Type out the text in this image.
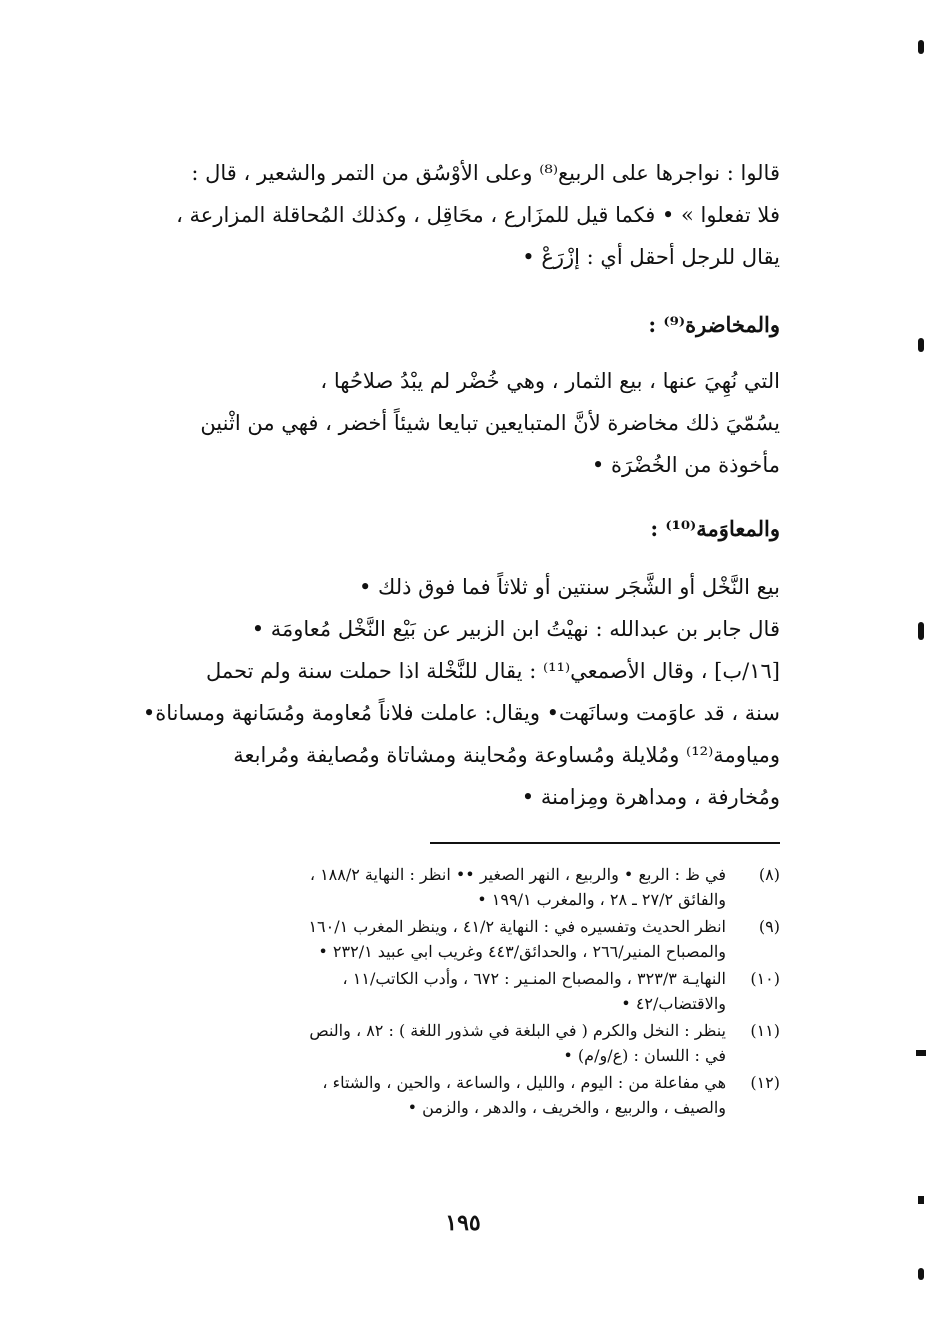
قالوا : نواجرها على الربيع⁽⁸⁾ وعلى الأوْسُق من التمر والشعير ، قال :
فلا تفعلوا » • فكما قيل للمزَارع ، محَاقِل ، وكذلك المُحاقلة المزارعة ،
يقال للرجل أحقل أي : إزْرَعْ •
والمخاضرة⁽⁹⁾ :
التي نُهِيَ عنها ، بيع الثمار ، وهي خُضْر لم يبْدُ صلاحُها ،
يسُمّيَ ذلك مخاضرة لأنَّ المتبايعين تبايعا شيئاً أخضر ، فهي من اثْنين
مأخوذة من الخُضْرَة •
والمعاوَمة⁽¹⁰⁾ :
بيع النَّخْل أو الشَّجَر سنتين أو ثلاثاً فما فوق ذلك •
قال جابر بن عبدالله : نهيْتُ ابن الزبير عن بَيْع النَّخْل مُعاومَة •
[١٦/ب] ، وقال الأصمعي⁽¹¹⁾ : يقال للنَّخْلة اذا حملت سنة ولم تحمل
سنة ، قد عاوَمت وسانَهت• ويقال: عاملت فلاناً مُعاومة ومُسَانهة ومساناة•
ومياومة⁽¹²⁾ ومُلايلة ومُساوعة ومُحاينة ومشاتاة ومُصايفة ومُرابعة
ومُخارفة ، ومداهرة ومِزامنة •
(٨)
في ظ : الربع • والربيع ، النهر الصغير •• انظر : النهاية ١٨٨/٢ ،
والفائق ٢٧/٢ ـ ٢٨ ، والمغرب ١٩٩/١ •
(٩)
انظر الحديث وتفسيره في : النهاية ٤١/٢ ، وينظر المغرب ١٦٠/١
والمصباح المنير/٢٦٦ ، والحدائق/٤٤٣ وغريب ابي عبيد ٢٣٢/١ •
(١٠)
النهايـة ٣٢٣/٣ ، والمصباح المنـير : ٦٧٢ ، وأدب الكاتب/١١ ،
والاقتضاب/٤٢ •
(١١)
ينظر : النخل والكرم ( في البلغة في شذور اللغة ) : ٨٢ ، والنص
في : اللسان : (ع/و/م) •
(١٢)
هي مفاعلة من : اليوم ، والليل ، والساعة ، والحين ، والشتاء ،
والصيف ، والربيع ، والخريف ، والدهر ، والزمن •
١٩٥
